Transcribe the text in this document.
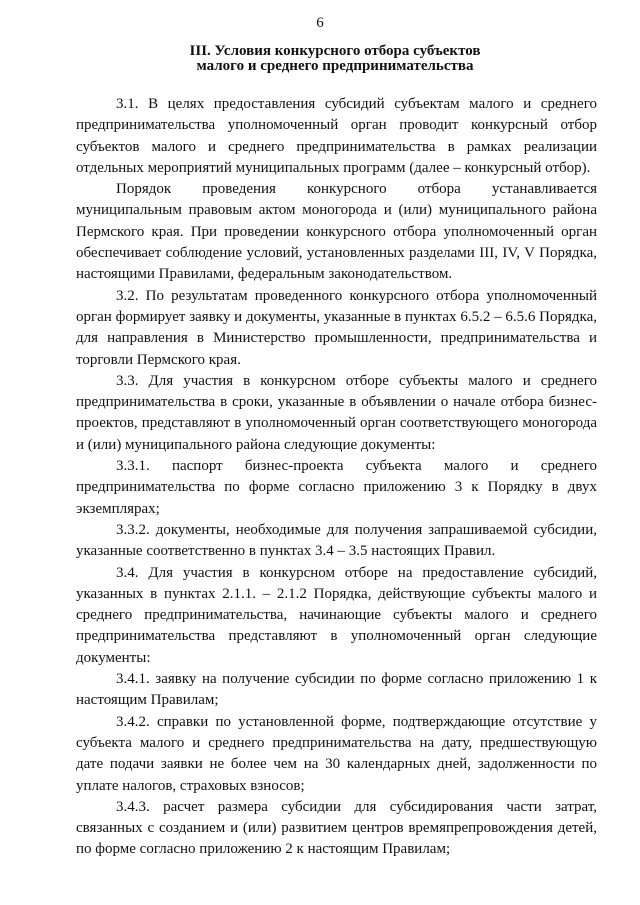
6
III. Условия конкурсного отбора субъектов
малого и среднего предпринимательства

3.1. В целях предоставления субсидий субъектам малого и среднего предпринимательства уполномоченный орган проводит конкурсный отбор субъектов малого и среднего предпринимательства в рамках реализации отдельных мероприятий муниципальных программ (далее – конкурсный отбор).

Порядок проведения конкурсного отбора устанавливается муниципальным правовым актом моногорода и (или) муниципального района Пермского края. При проведении конкурсного отбора уполномоченный орган обеспечивает соблюдение условий, установленных разделами III, IV, V Порядка, настоящими Правилами, федеральным законодательством.

3.2. По результатам проведенного конкурсного отбора уполномоченный орган формирует заявку и документы, указанные в пунктах 6.5.2 – 6.5.6 Порядка, для направления в Министерство промышленности, предпринимательства и торговли Пермского края.

3.3. Для участия в конкурсном отборе субъекты малого и среднего предпринимательства в сроки, указанные в объявлении о начале отбора бизнес-проектов, представляют в уполномоченный орган соответствующего моногорода и (или) муниципального района следующие документы:

3.3.1. паспорт бизнес-проекта субъекта малого и среднего предпринимательства по форме согласно приложению 3 к Порядку в двух экземплярах;

3.3.2. документы, необходимые для получения запрашиваемой субсидии, указанные соответственно в пунктах 3.4 – 3.5 настоящих Правил.

3.4. Для участия в конкурсном отборе на предоставление субсидий, указанных в пунктах 2.1.1. – 2.1.2 Порядка, действующие субъекты малого и среднего предпринимательства, начинающие субъекты малого и среднего предпринимательства представляют в уполномоченный орган следующие документы:

3.4.1. заявку на получение субсидии по форме согласно приложению 1 к настоящим Правилам;

3.4.2. справки по установленной форме, подтверждающие отсутствие у субъекта малого и среднего предпринимательства на дату, предшествующую дате подачи заявки не более чем на 30 календарных дней, задолженности по уплате налогов, страховых взносов;

3.4.3. расчет размера субсидии для субсидирования части затрат, связанных с созданием и (или) развитием центров времяпрепровождения детей, по форме согласно приложению 2 к настоящим Правилам;
